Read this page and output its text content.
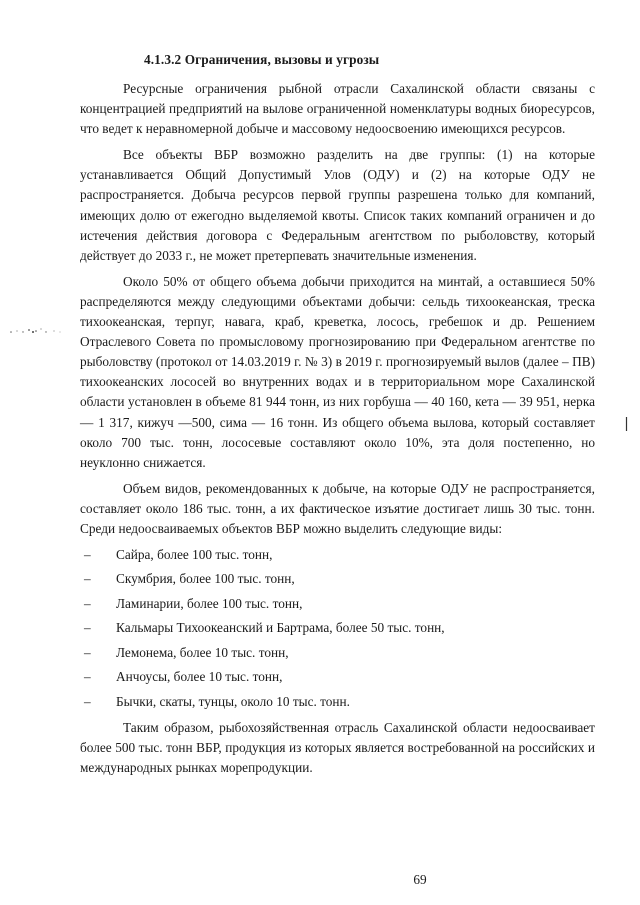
4.1.3.2 Ограничения, вызовы и угрозы

Ресурсные ограничения рыбной отрасли Сахалинской области связаны с концентрацией предприятий на вылове ограниченной номенклатуры водных биоресурсов, что ведет к неравномерной добыче и массовому недоосвоению имеющихся ресурсов.

Все объекты ВБР возможно разделить на две группы: (1) на которые устанавливается Общий Допустимый Улов (ОДУ) и (2) на которые ОДУ не распространяется. Добыча ресурсов первой группы разрешена только для компаний, имеющих долю от ежегодно выделяемой квоты. Список таких компаний ограничен и до истечения действия договора с Федеральным агентством по рыболовству, который действует до 2033 г., не может претерпевать значительные изменения.

Около 50% от общего объема добычи приходится на минтай, а оставшиеся 50% распределяются между следующими объектами добычи: сельдь тихоокеанская, треска тихоокеанская, терпуг, навага, краб, креветка, лосось, гребешок и др. Решением Отраслевого Совета по промысловому прогнозированию при Федеральном агентстве по рыболовству (протокол от 14.03.2019 г. № 3) в 2019 г. прогнозируемый вылов (далее – ПВ) тихоокеанских лососей во внутренних водах и в территориальном море Сахалинской области установлен в объеме 81 944 тонн, из них горбуша — 40 160, кета — 39 951, нерка — 1 317, кижуч —500, сима — 16 тонн. Из общего объема вылова, который составляет около 700 тыс. тонн, лососевые составляют около 10%, эта доля постепенно, но неуклонно снижается.

Объем видов, рекомендованных к добыче, на которые ОДУ не распространяется, составляет около 186 тыс. тонн, а их фактическое изъятие достигает лишь 30 тыс. тонн. Среди недоосваиваемых объектов ВБР можно выделить следующие виды:

– Сайра, более 100 тыс. тонн,
– Скумбрия, более 100 тыс. тонн,
– Ламинарии, более 100 тыс. тонн,
– Кальмары Тихоокеанский и Бартрама, более 50 тыс. тонн,
– Лемонема, более 10 тыс. тонн,
– Анчоусы, более 10 тыс. тонн,
– Бычки, скаты, тунцы, около 10 тыс. тонн.

Таким образом, рыбохозяйственная отрасль Сахалинской области недоосваивает более 500 тыс. тонн ВБР, продукция из которых является востребованной на российских и международных рынках морепродукции.

69
